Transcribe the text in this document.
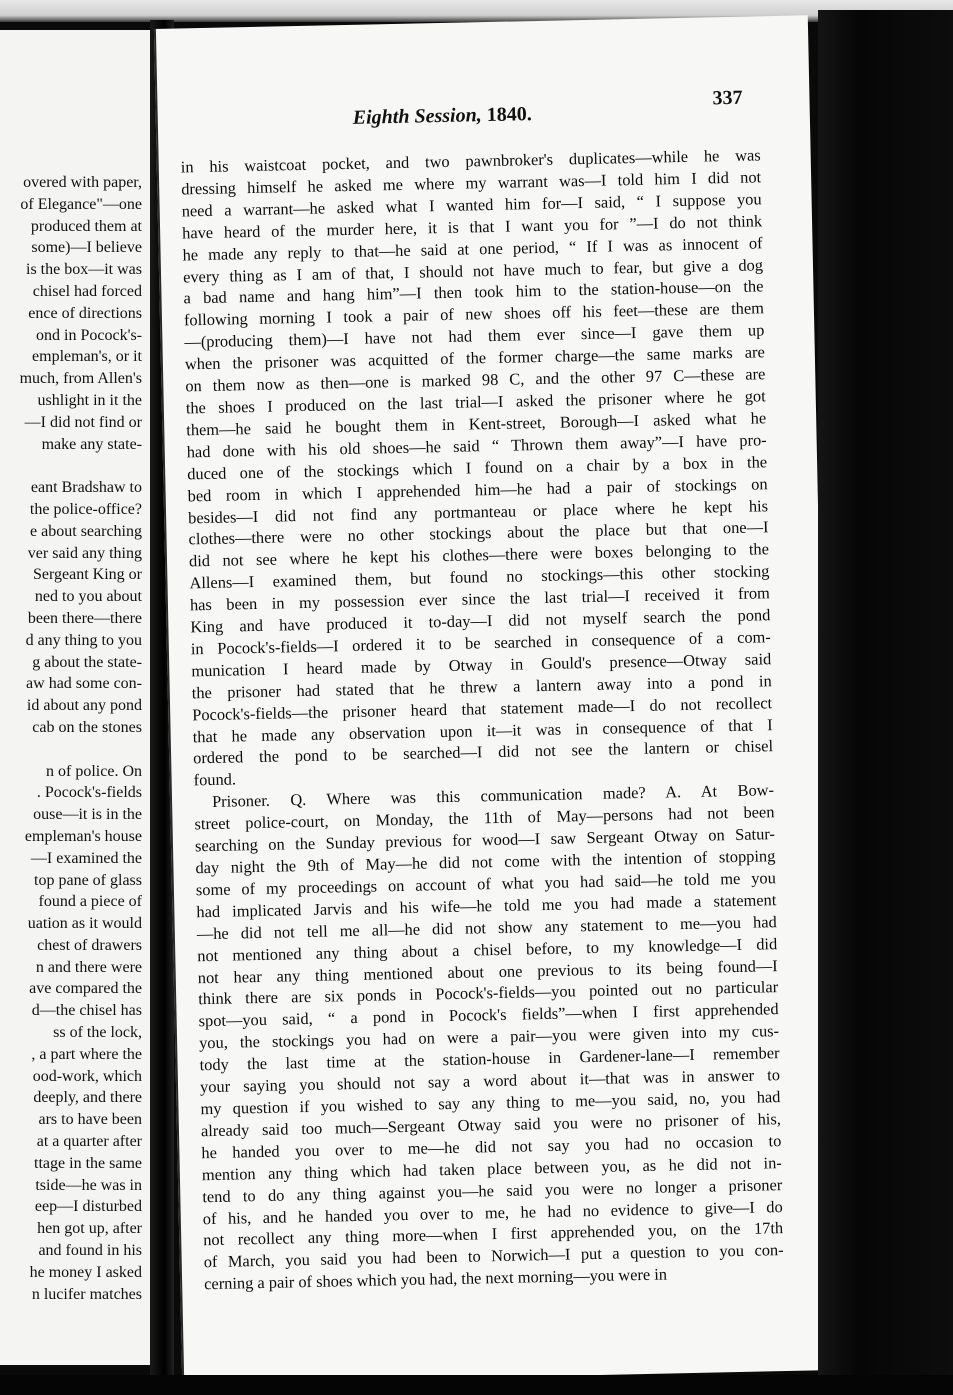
overed with paper,
of Elegance"—one
produced them at
some)—I believe
is the box—it was
chisel had forced
ence of directions
ond in Pocock's-
empleman's, or it
much, from Allen's
ushlight in it the
—I did not find or
make any state-

eant Bradshaw to
the police-office?
e about searching
ver said any thing
Sergeant King or
ned to you about
been there—there
d any thing to you
g about the state-
aw had some con-
id about any pond
cab on the stones

n of police. On
. Pocock's-fields
ouse—it is in the
empleman's house
—I examined the
top pane of glass
found a piece of
uation as it would
chest of drawers
n and there were
ave compared the
d—the chisel has
ss of the lock,
, a part where the
ood-work, which
deeply, and there
ars to have been
at a quarter after
ttage in the same
tside—he was in
eep—I disturbed
hen got up, after
and found in his
he money I asked
n lucifer matches
Eighth Session, 1840.
337
in his waistcoat pocket, and two pawnbroker's duplicates—while he was
dressing himself he asked me where my warrant was—I told him I did not
need a warrant—he asked what I wanted him for—I said, “ I suppose you
have heard of the murder here, it is that I want you for ”—I do not think
he made any reply to that—he said at one period, “ If I was as innocent of
every thing as I am of that, I should not have much to fear, but give a dog
a bad name and hang him”—I then took him to the station-house—on the
following morning I took a pair of new shoes off his feet—these are them
—(producing them)—I have not had them ever since—I gave them up
when the prisoner was acquitted of the former charge—the same marks are
on them now as then—one is marked 98 C, and the other 97 C—these are
the shoes I produced on the last trial—I asked the prisoner where he got
them—he said he bought them in Kent-street, Borough—I asked what he
had done with his old shoes—he said “ Thrown them away”—I have pro-
duced one of the stockings which I found on a chair by a box in the
bed room in which I apprehended him—he had a pair of stockings on
besides—I did not find any portmanteau or place where he kept his
clothes—there were no other stockings about the place but that one—I
did not see where he kept his clothes—there were boxes belonging to the
Allens—I examined them, but found no stockings—this other stocking
has been in my possession ever since the last trial—I received it from
King and have produced it to-day—I did not myself search the pond
in Pocock's-fields—I ordered it to be searched in consequence of a com-
munication I heard made by Otway in Gould's presence—Otway said
the prisoner had stated that he threw a lantern away into a pond in
Pocock's-fields—the prisoner heard that statement made—I do not recollect
that he made any observation upon it—it was in consequence of that I
ordered the pond to be searched—I did not see the lantern or chisel
found.
Prisoner. Q. Where was this communication made? A. At Bow-
street police-court, on Monday, the 11th of May—persons had not been
searching on the Sunday previous for wood—I saw Sergeant Otway on Satur-
day night the 9th of May—he did not come with the intention of stopping
some of my proceedings on account of what you had said—he told me you
had implicated Jarvis and his wife—he told me you had made a statement
—he did not tell me all—he did not show any statement to me—you had
not mentioned any thing about a chisel before, to my knowledge—I did
not hear any thing mentioned about one previous to its being found—I
think there are six ponds in Pocock's-fields—you pointed out no particular
spot—you said, “ a pond in Pocock's fields”—when I first apprehended
you, the stockings you had on were a pair—you were given into my cus-
tody the last time at the station-house in Gardener-lane—I remember
your saying you should not say a word about it—that was in answer to
my question if you wished to say any thing to me—you said, no, you had
already said too much—Sergeant Otway said you were no prisoner of his,
he handed you over to me—he did not say you had no occasion to
mention any thing which had taken place between you, as he did not in-
tend to do any thing against you—he said you were no longer a prisoner
of his, and he handed you over to me, he had no evidence to give—I do
not recollect any thing more—when I first apprehended you, on the 17th
of March, you said you had been to Norwich—I put a question to you con-
cerning a pair of shoes which you had, the next morning—you were in
